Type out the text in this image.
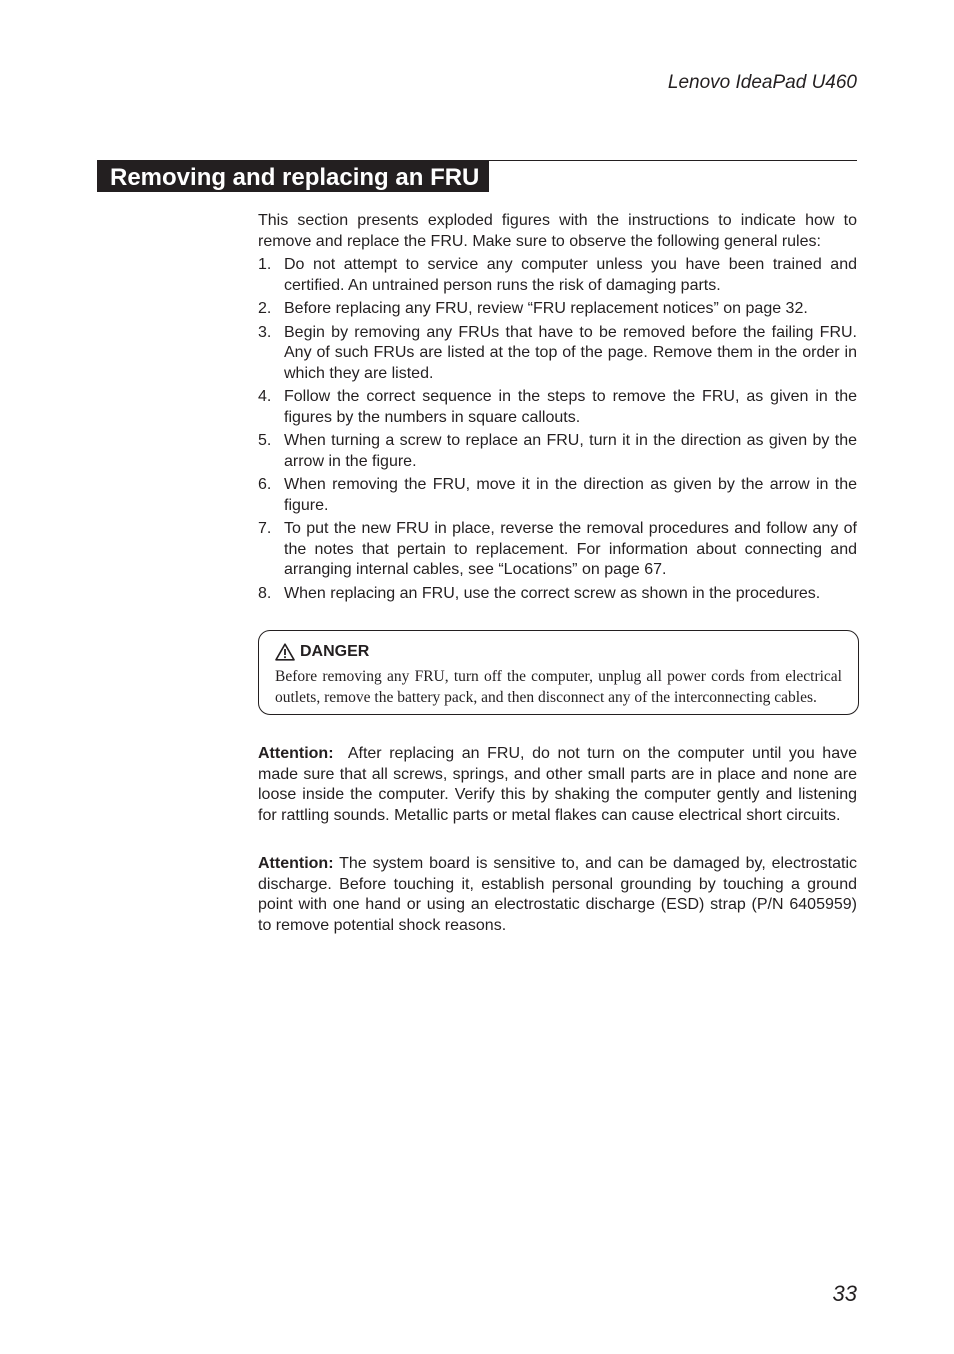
Lenovo IdeaPad U460
Removing and replacing an FRU

This section presents exploded figures with the instructions to indicate how to remove and replace the FRU. Make sure to observe the following general rules:

1. Do not attempt to service any computer unless you have been trained and certified. An untrained person runs the risk of damaging parts.
2. Before replacing any FRU, review “FRU replacement notices” on page 32.
3. Begin by removing any FRUs that have to be removed before the failing FRU. Any of such FRUs are listed at the top of the page. Remove them in the order in which they are listed.
4. Follow the correct sequence in the steps to remove the FRU, as given in the figures by the numbers in square callouts.
5. When turning a screw to replace an FRU, turn it in the direction as given by the arrow in the figure.
6. When removing the FRU, move it in the direction as given by the arrow in the figure.
7. To put the new FRU in place, reverse the removal procedures and follow any of the notes that pertain to replacement. For information about connecting and arranging internal cables, see “Locations” on page 67.
8. When replacing an FRU, use the correct screw as shown in the procedures.
DANGER
Before removing any FRU, turn off the computer, unplug all power cords from electrical outlets, remove the battery pack, and then disconnect any of the interconnecting cables.

Attention: After replacing an FRU, do not turn on the computer until you have made sure that all screws, springs, and other small parts are in place and none are loose inside the computer. Verify this by shaking the computer gently and listening for rattling sounds. Metallic parts or metal flakes can cause electrical short circuits.

Attention: The system board is sensitive to, and can be damaged by, electrostatic discharge. Before touching it, establish personal grounding by touching a ground point with one hand or using an electrostatic discharge (ESD) strap (P/N 6405959) to remove potential shock reasons.

33
